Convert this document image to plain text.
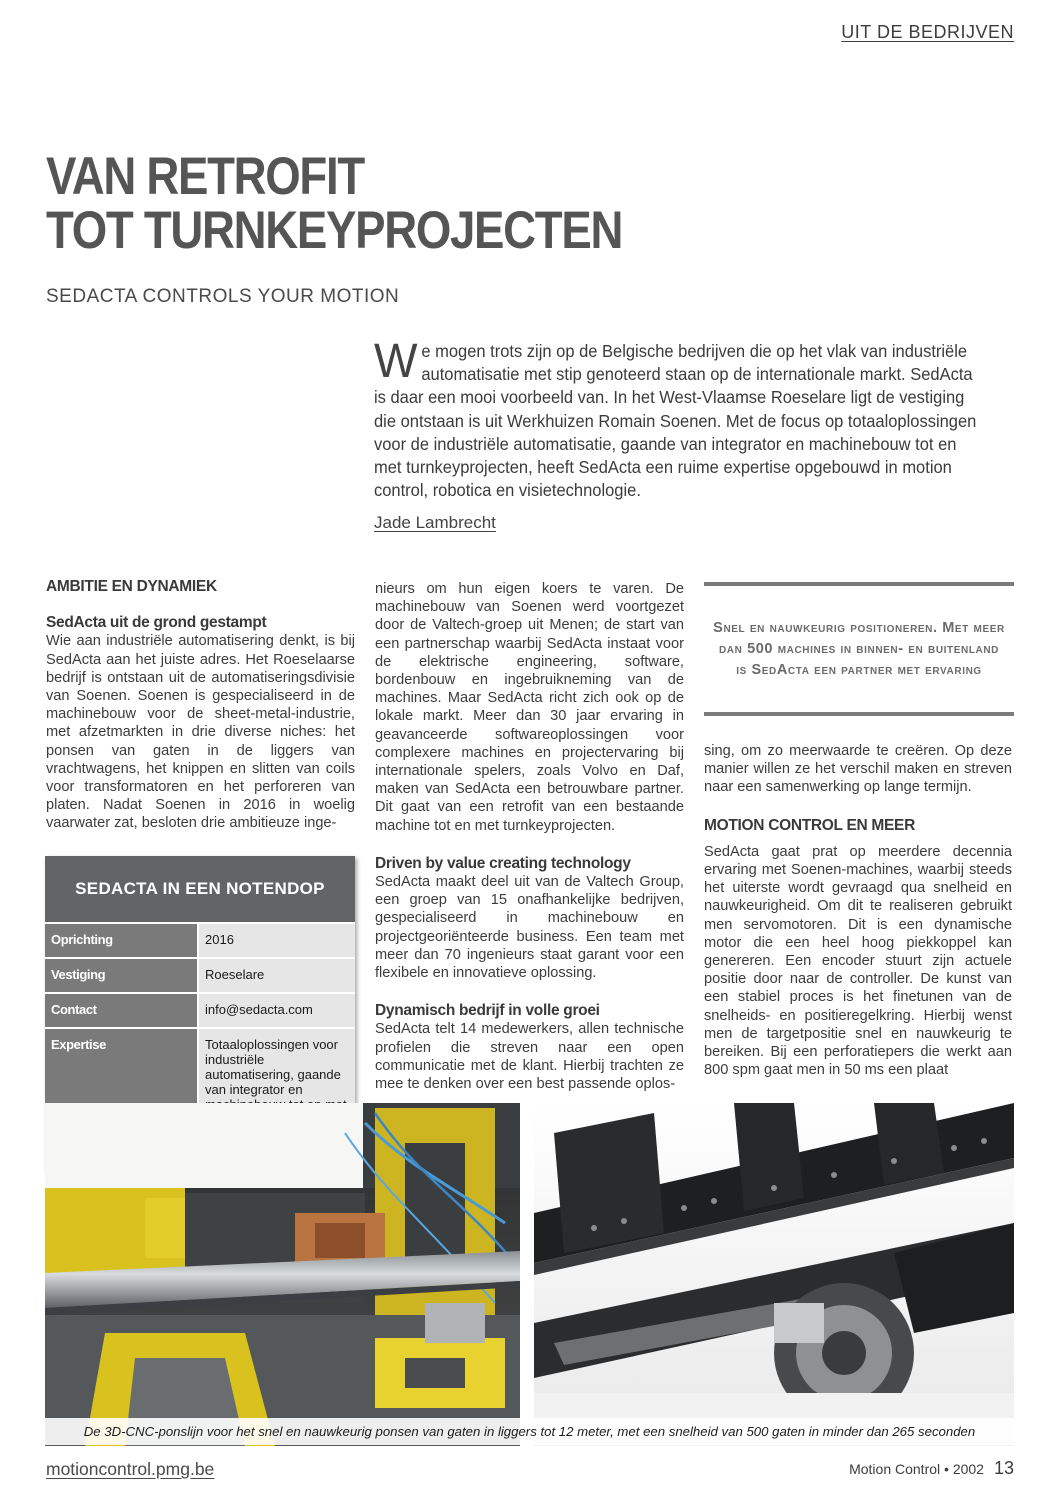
UIT DE BEDRIJVEN
VAN RETROFIT
TOT TURNKEYPROJECTEN
SEDACTA CONTROLS YOUR MOTION
We mogen trots zijn op de Belgische bedrijven die op het vlak van industriële automatisatie met stip genoteerd staan op de internationale markt. SedActa is daar een mooi voorbeeld van. In het West-Vlaamse Roeselare ligt de vestiging die ontstaan is uit Werkhuizen Romain Soenen. Met de focus op totaaloplossingen voor de industriële automatisatie, gaande van integrator en machinebouw tot en met turnkeyprojecten, heeft SedActa een ruime expertise opgebouwd in motion control, robotica en visietechnologie.
Jade Lambrecht
AMBITIE EN DYNAMIEK
SedActa uit de grond gestampt

Wie aan industriële automatisering denkt, is bij SedActa aan het juiste adres. Het Roeselaarse bedrijf is ontstaan uit de automatiseringsdivisie van Soenen. Soenen is gespecialiseerd in de machinebouw voor de sheet-metal-industrie, met afzetmarkten in drie diverse niches: het ponsen van gaten in de liggers van vrachtwagens, het knippen en slitten van coils voor transformatoren en het perforeren van platen. Nadat Soenen in 2016 in woelig vaarwater zat, besloten drie ambitieuze inge-

nieurs om hun eigen koers te varen. De machinebouw van Soenen werd voortgezet door de Valtech-groep uit Menen; de start van een partnerschap waarbij SedActa instaat voor de elektrische engineering, software, bordenbouw en ingebruikneming van de machines. Maar SedActa richt zich ook op de lokale markt. Meer dan 30 jaar ervaring in geavanceerde softwareoplossingen voor complexere machines en projectervaring bij internationale spelers, zoals Volvo en Daf, maken van SedActa een betrouwbare partner. Dit gaat van een retrofit van een bestaande machine tot en met turnkeyprojecten.

Driven by value creating technology

SedActa maakt deel uit van de Valtech Group, een groep van 15 onafhankelijke bedrijven, gespecialiseerd in machinebouw en projectgeoriënteerde business. Een team met meer dan 70 ingenieurs staat garant voor een flexibele en innovatieve oplossing.

Dynamisch bedrijf in volle groei

SedActa telt 14 medewerkers, allen technische profielen die streven naar een open communicatie met de klant. Hierbij trachten ze mee te denken over een best passende oplos-

Snel en nauwkeurig positioneren. Met meer dan 500 machines in binnen- en buitenland is SedActa een partner met ervaring

sing, om zo meerwaarde te creëren. Op deze manier willen ze het verschil maken en streven naar een samenwerking op lange termijn.

MOTION CONTROL EN MEER

SedActa gaat prat op meerdere decennia ervaring met Soenen-machines, waarbij steeds het uiterste wordt gevraagd qua snelheid en nauwkeurigheid. Om dit te realiseren gebruikt men servomotoren. Dit is een dynamische motor die een heel hoog piekkoppel kan genereren. Een encoder stuurt zijn actuele positie door naar de controller. De kunst van een stabiel proces is het finetunen van de snelheids- en positieregelkring. Hierbij wenst men de targetpositie snel en nauwkeurig te bereiken. Bij een perforatiepers die werkt aan 800 spm gaat men in 50 ms een plaat

SEDACTA IN EEN NOTENDOP
Oprichting	2016
Vestiging	Roeselare
Contact	info@sedacta.com
Expertise	Totaaloplossingen voor industriële automatisering, gaande van integrator en

De 3D-CNC-ponslijn voor het snel en nauwkeurig ponsen van gaten in liggers tot 12 meter, met een snelheid van 500 gaten in minder dan 265 seconden
motioncontrol.pmg.be	Motion Control • 2002 13
